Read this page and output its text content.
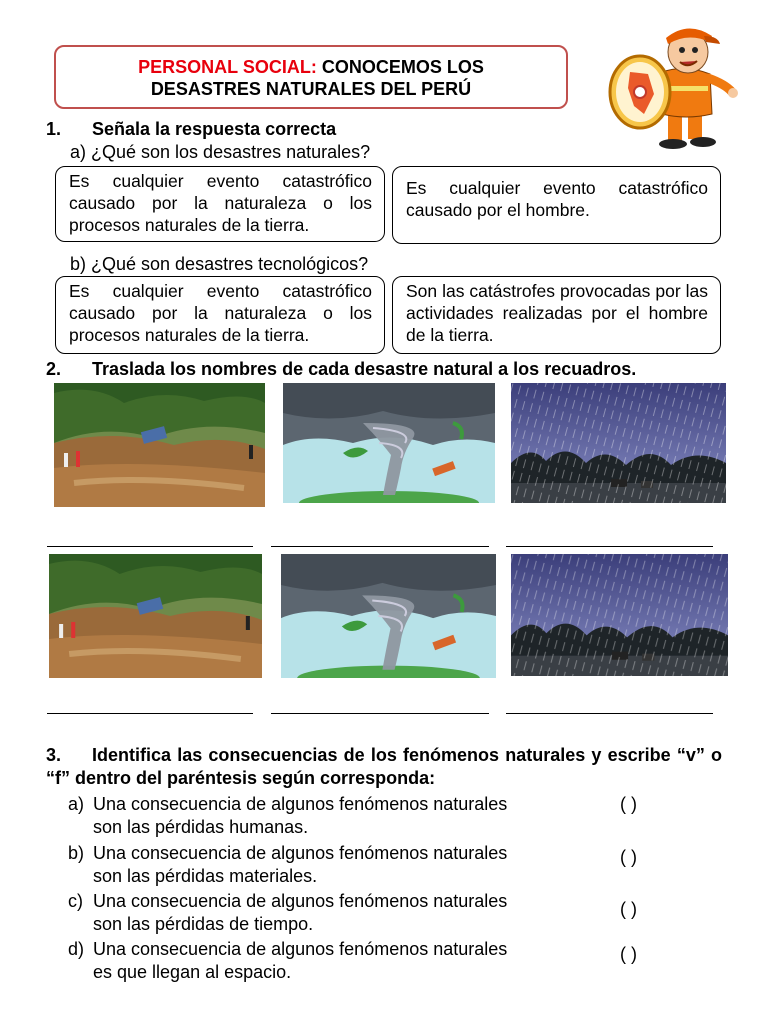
PERSONAL SOCIAL: CONOCEMOS LOS
DESASTRES NATURALES DEL PERÚ
1. Señala la respuesta correcta
a) ¿Qué son los desastres naturales?
Es cualquier evento catastrófico causado por la naturaleza o los procesos naturales de la tierra.
Es cualquier evento catastrófico causado por el hombre.
b) ¿Qué son desastres tecnológicos?
Es cualquier evento catastrófico causado por la naturaleza o los procesos naturales de la tierra.
Son las catástrofes provocadas por las actividades realizadas por el hombre de la tierra.
2. Traslada los nombres de cada desastre natural a los recuadros.
3. Identifica las consecuencias de los fenómenos naturales y escribe “v” o “f” dentro del paréntesis según corresponda:
a) Una consecuencia de algunos fenómenos naturales
son las pérdidas humanas.
( )
b) Una consecuencia de algunos fenómenos naturales
son las pérdidas materiales.
( )
c) Una consecuencia de algunos fenómenos naturales
son las pérdidas de tiempo.
( )
d) Una consecuencia de algunos fenómenos naturales
es que llegan al espacio.
( )
